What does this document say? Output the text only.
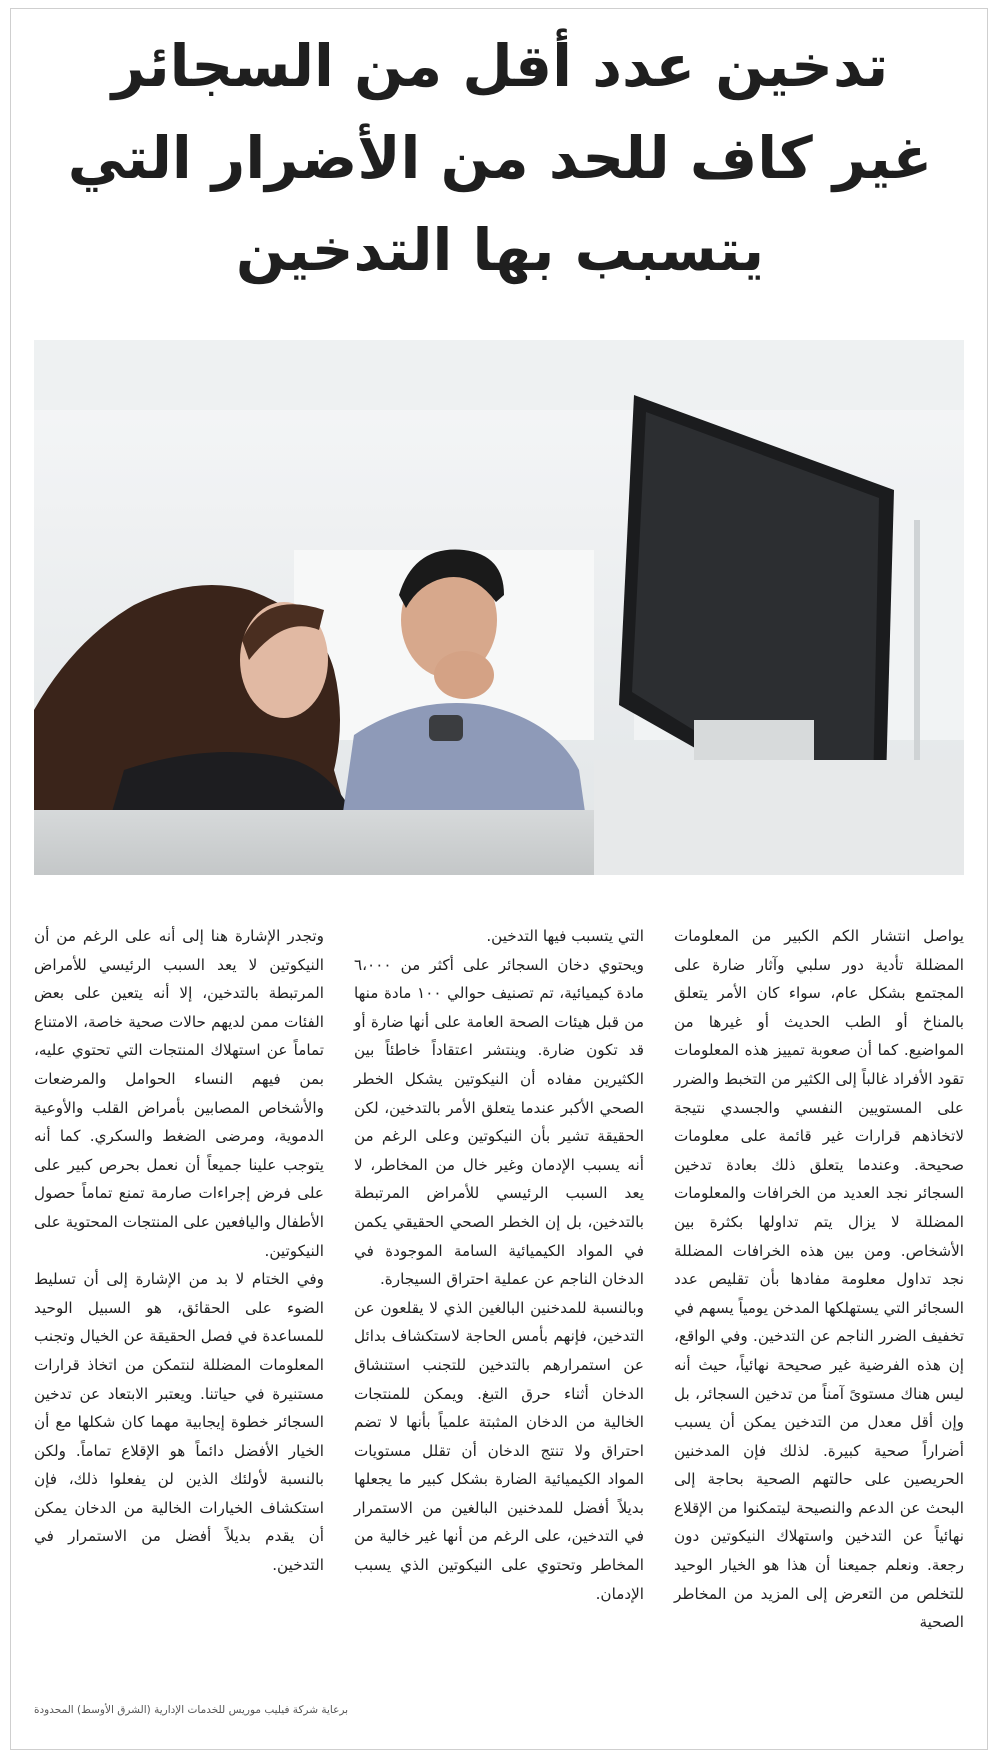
تدخين عدد أقل من السجائر
غير كاف للحد من الأضرار التي
يتسبب بها التدخين

يواصل انتشار الكم الكبير من المعلومات المضللة تأدية دور سلبي وآثار ضارة على المجتمع بشكل عام، سواء كان الأمر يتعلق بالمناخ أو الطب الحديث أو غيرها من المواضيع. كما أن صعوبة تمييز هذه المعلومات تقود الأفراد غالباً إلى الكثير من التخبط والضرر على المستويين النفسي والجسدي نتيجة لاتخاذهم قرارات غير قائمة على معلومات صحيحة. وعندما يتعلق ذلك بعادة تدخين السجائر نجد العديد من الخرافات والمعلومات المضللة لا يزال يتم تداولها بكثرة بين الأشخاص. ومن بين هذه الخرافات المضللة نجد تداول معلومة مفادها بأن تقليص عدد السجائر التي يستهلكها المدخن يومياً يسهم في تخفيف الضرر الناجم عن التدخين. وفي الواقع، إن هذه الفرضية غير صحيحة نهائياً، حيث أنه ليس هناك مستوىً آمناً من تدخين السجائر، بل وإن أقل معدل من التدخين يمكن أن يسبب أضراراً صحية كبيرة. لذلك فإن المدخنين الحريصين على حالتهم الصحية بحاجة إلى البحث عن الدعم والنصيحة ليتمكنوا من الإقلاع نهائياً عن التدخين واستهلاك النيكوتين دون رجعة. ونعلم جميعنا أن هذا هو الخيار الوحيد للتخلص من التعرض إلى المزيد من المخاطر الصحية

التي يتسبب فيها التدخين.

ويحتوي دخان السجائر على أكثر من ٦،٠٠٠ مادة كيميائية، تم تصنيف حوالي ١٠٠ مادة منها من قبل هيئات الصحة العامة على أنها ضارة أو قد تكون ضارة. وينتشر اعتقاداً خاطئاً بين الكثيرين مفاده أن النيكوتين يشكل الخطر الصحي الأكبر عندما يتعلق الأمر بالتدخين، لكن الحقيقة تشير بأن النيكوتين وعلى الرغم من أنه يسبب الإدمان وغير خال من المخاطر، لا يعد السبب الرئيسي للأمراض المرتبطة بالتدخين، بل إن الخطر الصحي الحقيقي يكمن في المواد الكيميائية السامة الموجودة في الدخان الناجم عن عملية احتراق السيجارة.

وبالنسبة للمدخنين البالغين الذي لا يقلعون عن التدخين، فإنهم بأمس الحاجة لاستكشاف بدائل عن استمرارهم بالتدخين للتجنب استنشاق الدخان أثناء حرق التبغ. ويمكن للمنتجات الخالية من الدخان المثبتة علمياً بأنها لا تضم احتراق ولا تنتج الدخان أن تقلل مستويات المواد الكيميائية الضارة بشكل كبير ما يجعلها بديلاً أفضل للمدخنين البالغين من الاستمرار في التدخين، على الرغم من أنها غير خالية من المخاطر وتحتوي على النيكوتين الذي يسبب الإدمان.

وتجدر الإشارة هنا إلى أنه على الرغم من أن النيكوتين لا يعد السبب الرئيسي للأمراض المرتبطة بالتدخين، إلا أنه يتعين على بعض الفئات ممن لديهم حالات صحية خاصة، الامتناع تماماً عن استهلاك المنتجات التي تحتوي عليه، بمن فيهم النساء الحوامل والمرضعات والأشخاص المصابين بأمراض القلب والأوعية الدموية، ومرضى الضغط والسكري. كما أنه يتوجب علينا جميعاً أن نعمل بحرص كبير على على فرض إجراءات صارمة تمنع تماماً حصول الأطفال واليافعين على المنتجات المحتوية على النيكوتين.

وفي الختام لا بد من الإشارة إلى أن تسليط الضوء على الحقائق، هو السبيل الوحيد للمساعدة في فصل الحقيقة عن الخيال وتجنب المعلومات المضللة لنتمكن من اتخاذ قرارات مستنيرة في حياتنا. ويعتبر الابتعاد عن تدخين السجائر خطوة إيجابية مهما كان شكلها مع أن الخيار الأفضل دائماً هو الإقلاع تماماً. ولكن بالنسبة لأولئك الذين لن يفعلوا ذلك، فإن استكشاف الخيارات الخالية من الدخان يمكن أن يقدم بديلاً أفضل من الاستمرار في التدخين.

برعاية شركة فيليب موريس للخدمات الإدارية (الشرق الأوسط) المحدودة
